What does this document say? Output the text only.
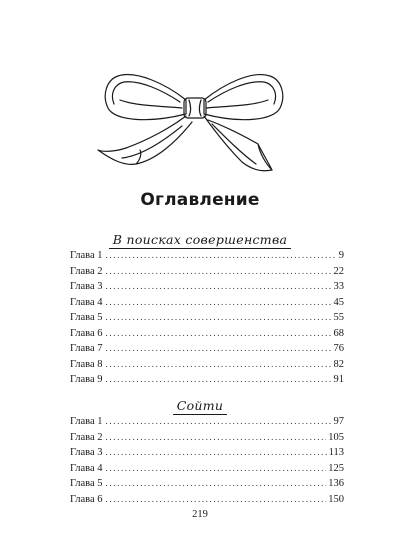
Оглавление
В поисках совершенства
Глава 1 .....	9
Глава 2 .....	22
Глава 3 .....	33
Глава 4 .....	45
Глава 5 .....	55
Глава 6 .....	68
Глава 7 .....	76
Глава 8 .....	82
Глава 9 .....	91
Сойти
Глава 1 .....	97
Глава 2 .....	105
Глава 3 .....	113
Глава 4 .....	125
Глава 5 .....	136
Глава 6 .....	150
219
